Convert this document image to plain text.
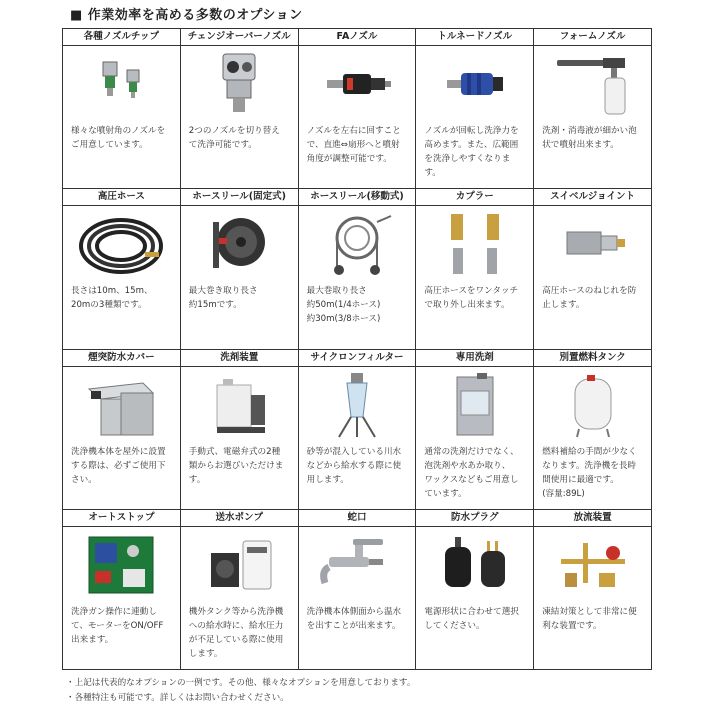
■ 作業効率を高める多数のオプション
各種ノズルチップ
様々な噴射角のノズルを
ご用意しています。
チェンジオーバーノズル
2つのノズルを切り替え
て洗浄可能です。
FAノズル
ノズルを左右に回すこと
で、直進⇔扇形へと噴射
角度が調整可能です。
トルネードノズル
ノズルが回転し洗浄力を
高めます。また、広範囲
を洗浄しやすくなりま
す。
フォームノズル
洗剤・消毒液が細かい泡
状で噴射出来ます。
高圧ホース
長さは10m、15m、
20mの3種類です。
ホースリール(固定式)
最大巻き取り長さ
約15mです。
ホースリール(移動式)
最大巻取り長さ
約50m(1/4ホース)
約30m(3/8ホース)
カプラー
高圧ホースをワンタッチ
で取り外し出来ます。
スイベルジョイント
高圧ホースのねじれを防
止します。
煙突防水カバー
洗浄機本体を屋外に設置
する際は、必ずご使用下
さい。
洗剤装置
手動式、電磁弁式の2種
類からお選びいただけま
す。
サイクロンフィルター
砂等が混入している川水
などから給水する際に使
用します。
専用洗剤
通常の洗剤だけでなく、
泡洗剤や水あか取り、
ワックスなどもご用意し
ています。
別置燃料タンク
燃料補給の手間が少なく
なります。洗浄機を長時
間使用に最適です。
(容量:89L)
オートストップ
洗浄ガン操作に連動し
て、モーターをON/OFF
出来ます。
送水ポンプ
機外タンク等から洗浄機
への給水時に、給水圧力
が不足している際に使用
します。
蛇口
洗浄機本体側面から温水
を出すことが出来ます。
防水プラグ
電源形状に合わせて選択
してください。
放流装置
凍結対策として非常に便
利な装置です。
・上記は代表的なオプションの一例です。その他、様々なオプションを用意しております。
・各種特注も可能です。詳しくはお問い合わせください。
